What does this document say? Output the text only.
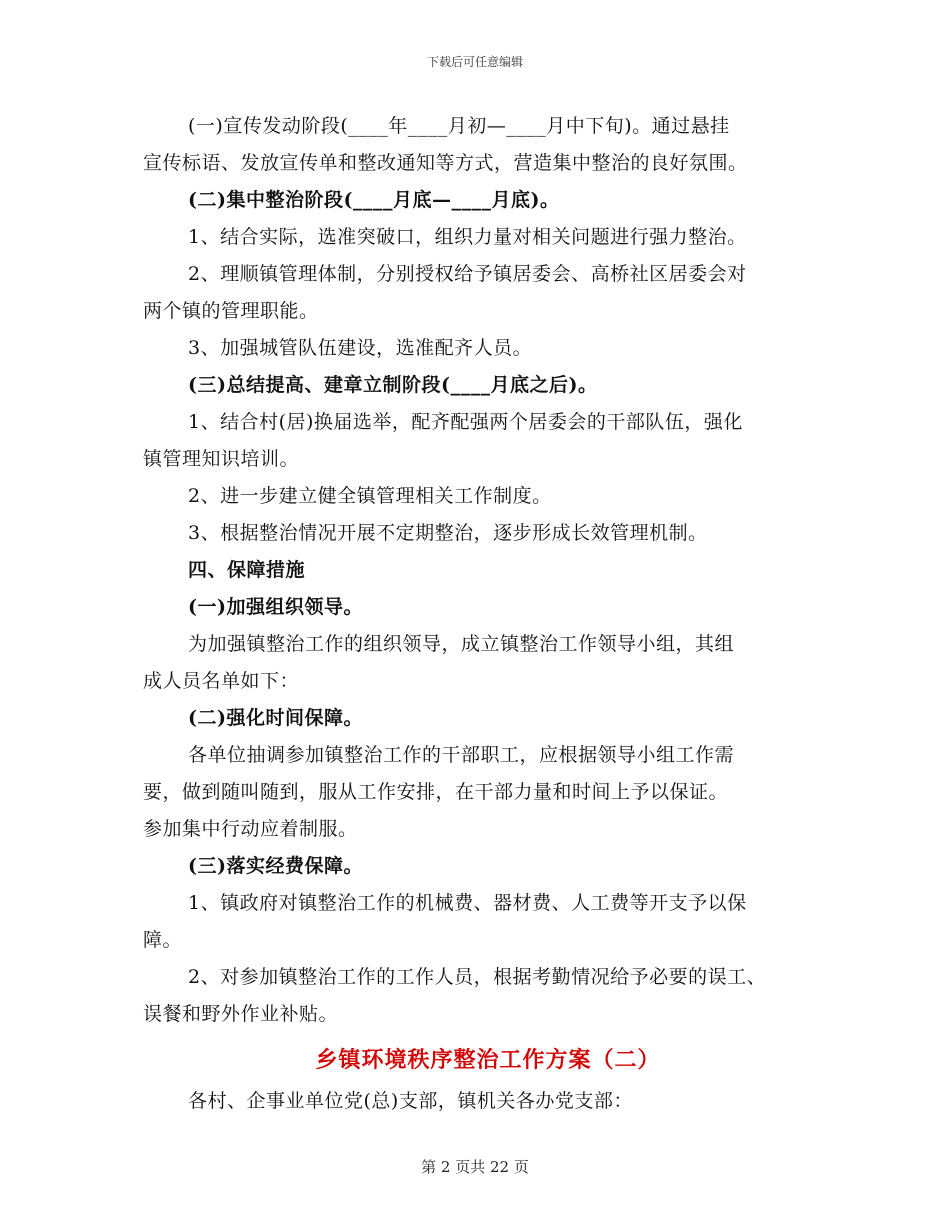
下载后可任意编辑

(一)宣传发动阶段(____年____月初—____月中下旬)。通过悬挂

宣传标语、发放宣传单和整改通知等方式，营造集中整治的良好氛围。

(二)集中整治阶段(____月底—____月底)。

1、结合实际，选准突破口，组织力量对相关问题进行强力整治。

2、理顺镇管理体制，分别授权给予镇居委会、高桥社区居委会对

两个镇的管理职能。

3、加强城管队伍建设，选准配齐人员。

(三)总结提高、建章立制阶段(____月底之后)。

1、结合村(居)换届选举，配齐配强两个居委会的干部队伍，强化

镇管理知识培训。

2、进一步建立健全镇管理相关工作制度。

3、根据整治情况开展不定期整治，逐步形成长效管理机制。

四、保障措施

(一)加强组织领导。

为加强镇整治工作的组织领导，成立镇整治工作领导小组，其组

成人员名单如下：

(二)强化时间保障。

各单位抽调参加镇整治工作的干部职工，应根据领导小组工作需

要，做到随叫随到，服从工作安排，在干部力量和时间上予以保证。

参加集中行动应着制服。

(三)落实经费保障。

1、镇政府对镇整治工作的机械费、器材费、人工费等开支予以保

障。

2、对参加镇整治工作的工作人员，根据考勤情况给予必要的误工、

误餐和野外作业补贴。

乡镇环境秩序整治工作方案（二）

各村、企事业单位党(总)支部，镇机关各办党支部：

第 2 页共 22 页
